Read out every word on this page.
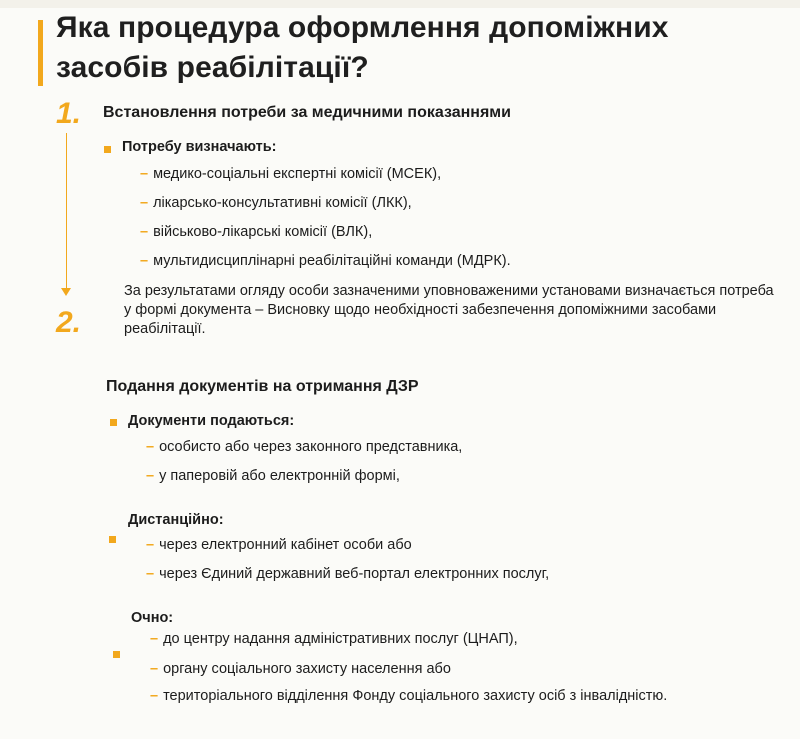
Яка процедура оформлення допоміжних
засобів реабілітації?
1. Встановлення потреби за медичними показаннями
Потребу визначають:
– медико-соціальні експертні комісії (МСЕК),
– лікарсько-консультативні комісії (ЛКК),
– військово-лікарські комісії (ВЛК),
– мультидисциплінарні реабілітаційні команди (МДРК).
За результатами огляду особи зазначеними уповноваженими установами визначається потреба у формі документа – Висновку щодо необхідності забезпечення допоміжними засобами реабілітації.
2.
Подання документів на отримання ДЗР
Документи подаються:
– особисто або через законного представника,
– у паперовій або електронній формі,
Дистанційно:
– через електронний кабінет особи або
– через Єдиний державний веб-портал електронних послуг,
Очно:
– до центру надання адміністративних послуг (ЦНАП),
– органу соціального захисту населення або
– територіального відділення Фонду соціального захисту осіб з інвалідністю.
